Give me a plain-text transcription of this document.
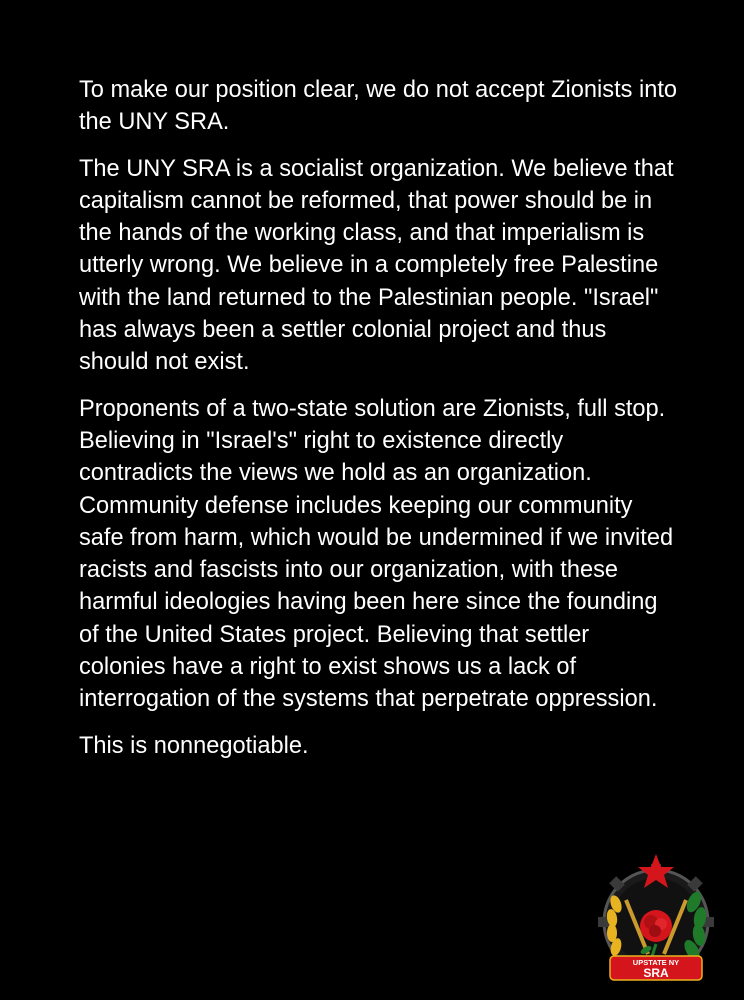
To make our position clear, we do not accept Zionists into the UNY SRA.

The UNY SRA is a socialist organization. We believe that capitalism cannot be reformed, that power should be in the hands of the working class, and that imperialism is utterly wrong. We believe in a completely free Palestine with the land returned to the Palestinian people. "Israel" has always been a settler colonial project and thus should not exist.

Proponents of a two-state solution are Zionists, full stop. Believing in "Israel's" right to existence directly contradicts the views we hold as an organization. Community defense includes keeping our community safe from harm, which would be undermined if we invited racists and fascists into our organization, with these harmful ideologies having been here since the founding of the United States project. Believing that settler colonies have a right to exist shows us a lack of interrogation of the systems that perpetrate oppression.

This is nonnegotiable.

UPSTATE NY
SRA
